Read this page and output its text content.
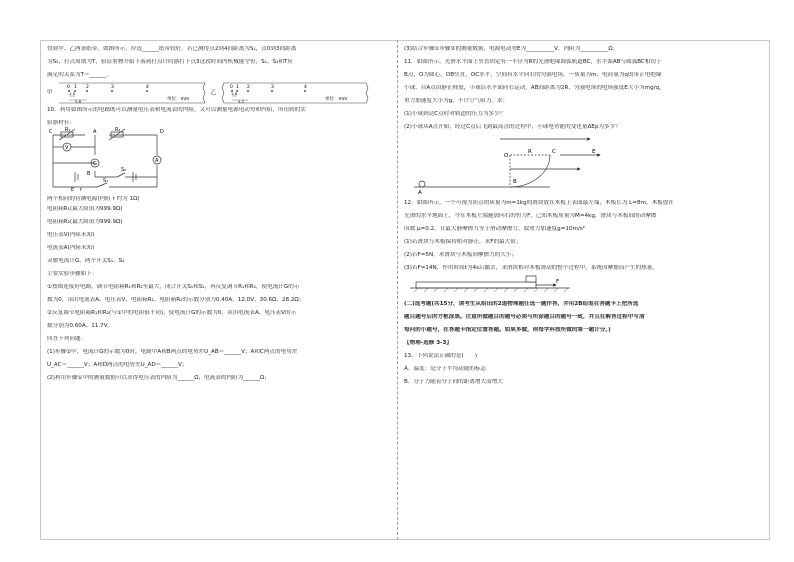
得到甲、乙两条纸带，如图所示，应选______纸带较好。若已测得点2到4间距离为S₁，点0到3间距离

为S₂，打点周期为T，验证重物开始下落到打点计时器打下点3这段时间内机械能守恒，S₁、S₂和T应

满足的关系为T＝______。

甲
0 1 2	3	4
1.9
5.8	单位：mm
乙
0 1 2	3	4
1.6
5.2	单位：mm

10．利用如图所示的电路既可以测量电压表和电流表的内阻，又可以测量电源电动势和内阻，所用到的实

验器材有：

C	A
R₁	R₂
V
G	A
B
D
S₁
S₂
E r

两个相同的待测电源(内阻 r 约为 1Ω)

电阻箱R₁(最大阻值为999.9Ω)

电阻箱R₂(最大阻值为999.9Ω)

电压表V(内阻未知)

电流表A(内阻未知)

灵敏电流计G，两个开关S₁、S₂

主要实验步骤如下：

①按图连接好电路，调节电阻箱R₁和R₂至最大，闭合开关S₁和S₂，再反复调节R₁和R₂，使电流计G的示

数为0，读出电流表A、电压表V、电阻箱R₁、电阻箱R₂的示数分别为0.40A、12.0V、30.6Ω、28.2Ω；

②反复调节电阻箱R₁和R₂(与①中的电阻值不同)，使电流计G的示数为0，读出电流表A、电压表V的示

数分别为0.60A、11.7V。

回答下列问题：

(1)步骤①中，电流计G的示数为0时，电路中A和B两点的电势差U_AB＝______V；A和C两点的电势差

U_AC＝______V；A和D两点的电势差U_AD＝______V；

(2)利用步骤①中的测量数据可以求得电压表的内阻为______Ω，电流表的内阻为______Ω；

(3)结合步骤①步骤②的测量数据，电源电动势E为__________V，内阻为__________Ω。

11．如图所示，光滑水平面上竖直固定有一半径为R的光滑绝缘圆弧轨道BC，水平面AB与圆弧BC相切于

B点，O为圆心，OB竖直，OC水平，空间有水平向右的匀强电场。一质量为m、电荷量为q的带正电绝缘

小球，自A点由静止释放，小球沿水平面向右运动，AB间距离为2R，匀强电场的电场强度E大小为mg/q，

重力加速度大小为g，不计空气阻力。求：

(1)小球到达C点时对轨道的压力为多少？

(2)小球从A点开始，经过C点后飞到最高点的过程中，小球电势能的变化量ΔEp为多少？

O
R	C	E
B
A

12．如图所示，一个可视为质点的质量为m=1kg的滑块放在木板上表面最左端，木板长为 L=8m，木板放在

光滑的水平地面上，今在木板左端施加向右的恒力F，已知木板质量为M=4kg，滑块与木板间的动摩擦

因数 μ=0.2，且最大静摩擦力等于滑动摩擦力，取重力加速度g=10m/s²

(1)若滑块与木板保持相对静止，求F的最大值；

(2)若F=5N，求滑块与木板间摩擦力的大小；

(3)若F=14N，作用时间t为4s后撤去，求滑块相对木板滑动的整个过程中，系统因摩擦而产生的热量。

F

(二)选考题(共15分，请考生从给出的2道物理题任选一题作答，并用2B铅笔在答题卡上把所选

题目题号后的方框涂黑。注意所做题目的题号必须与所涂题目的题号一致，并且在解答过程中写清

每问的小题号，在答题卡指定位置答题。如果多做，则每学科按所做的第一题计分。)

【物理-选修 3-3】

13．下列说法正确的是(　　)

A．温度：是分子平均动能的标志

B．分子力随着分子间的距离增大而增大
